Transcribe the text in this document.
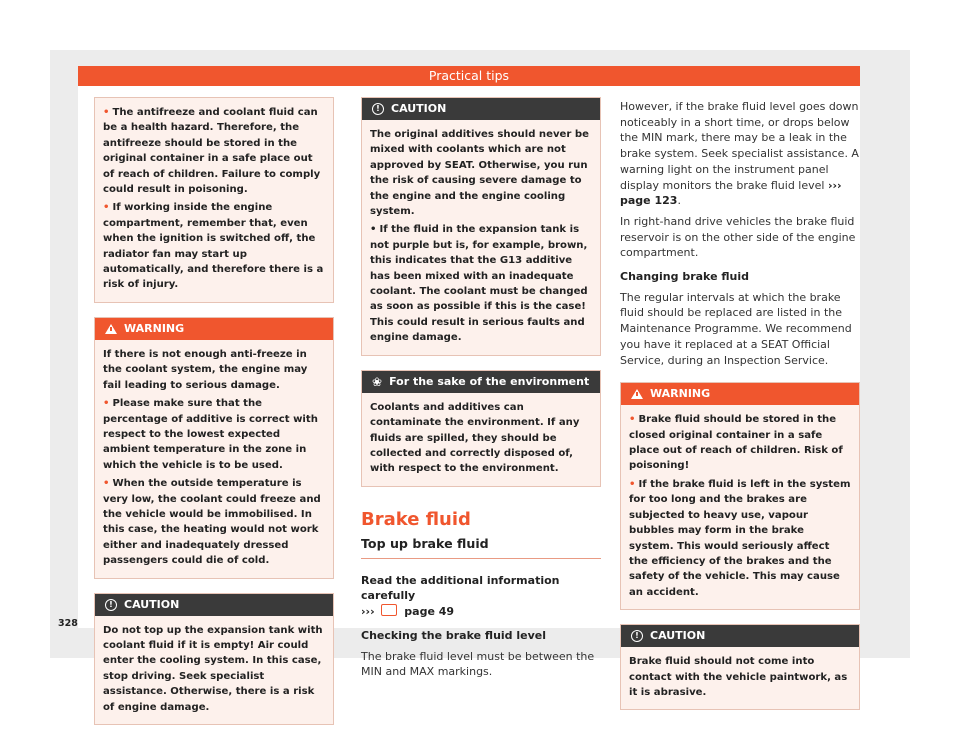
Practical tips

• The antifreeze and coolant fluid can be a health hazard. Therefore, the antifreeze should be stored in the original container in a safe place out of reach of children. Failure to comply could result in poisoning.

• If working inside the engine compartment, remember that, even when the ignition is switched off, the radiator fan may start up automatically, and therefore there is a risk of injury.

WARNING

If there is not enough anti-freeze in the coolant system, the engine may fail leading to serious damage.

• Please make sure that the percentage of additive is correct with respect to the lowest expected ambient temperature in the zone in which the vehicle is to be used.

• When the outside temperature is very low, the coolant could freeze and the vehicle would be immobilised. In this case, the heating would not work either and inadequately dressed passengers could die of cold.

!	CAUTION

Do not top up the expansion tank with coolant fluid if it is empty! Air could enter the cooling system. In this case, stop driving. Seek specialist assistance. Otherwise, there is a risk of engine damage.

!	CAUTION

The original additives should never be mixed with coolants which are not approved by SEAT. Otherwise, you run the risk of causing severe damage to the engine and the engine cooling system.

• If the fluid in the expansion tank is not purple but is, for example, brown, this indicates that the G13 additive has been mixed with an inadequate coolant. The coolant must be changed as soon as possible if this is the case! This could result in serious faults and engine damage.

❀ For the sake of the environment

Coolants and additives can contaminate the environment. If any fluids are spilled, they should be collected and correctly disposed of, with respect to the environment.

Brake fluid
Top up brake fluid

Read the additional information carefully
›››	page 49

Checking the brake fluid level

The brake fluid level must be between the MIN and MAX markings.

However, if the brake fluid level goes down noticeably in a short time, or drops below the MIN mark, there may be a leak in the brake system. Seek specialist assistance. A warning light on the instrument panel display monitors the brake fluid level ››› page 123.

In right-hand drive vehicles the brake fluid reservoir is on the other side of the engine compartment.

Changing brake fluid

The regular intervals at which the brake fluid should be replaced are listed in the Maintenance Programme. We recommend you have it replaced at a SEAT Official Service, during an Inspection Service.

WARNING

• Brake fluid should be stored in the closed original container in a safe place out of reach of children. Risk of poisoning!

• If the brake fluid is left in the system for too long and the brakes are subjected to heavy use, vapour bubbles may form in the brake system. This would seriously affect the efficiency of the brakes and the safety of the vehicle. This may cause an accident.

!	CAUTION

Brake fluid should not come into contact with the vehicle paintwork, as it is abrasive.

328
